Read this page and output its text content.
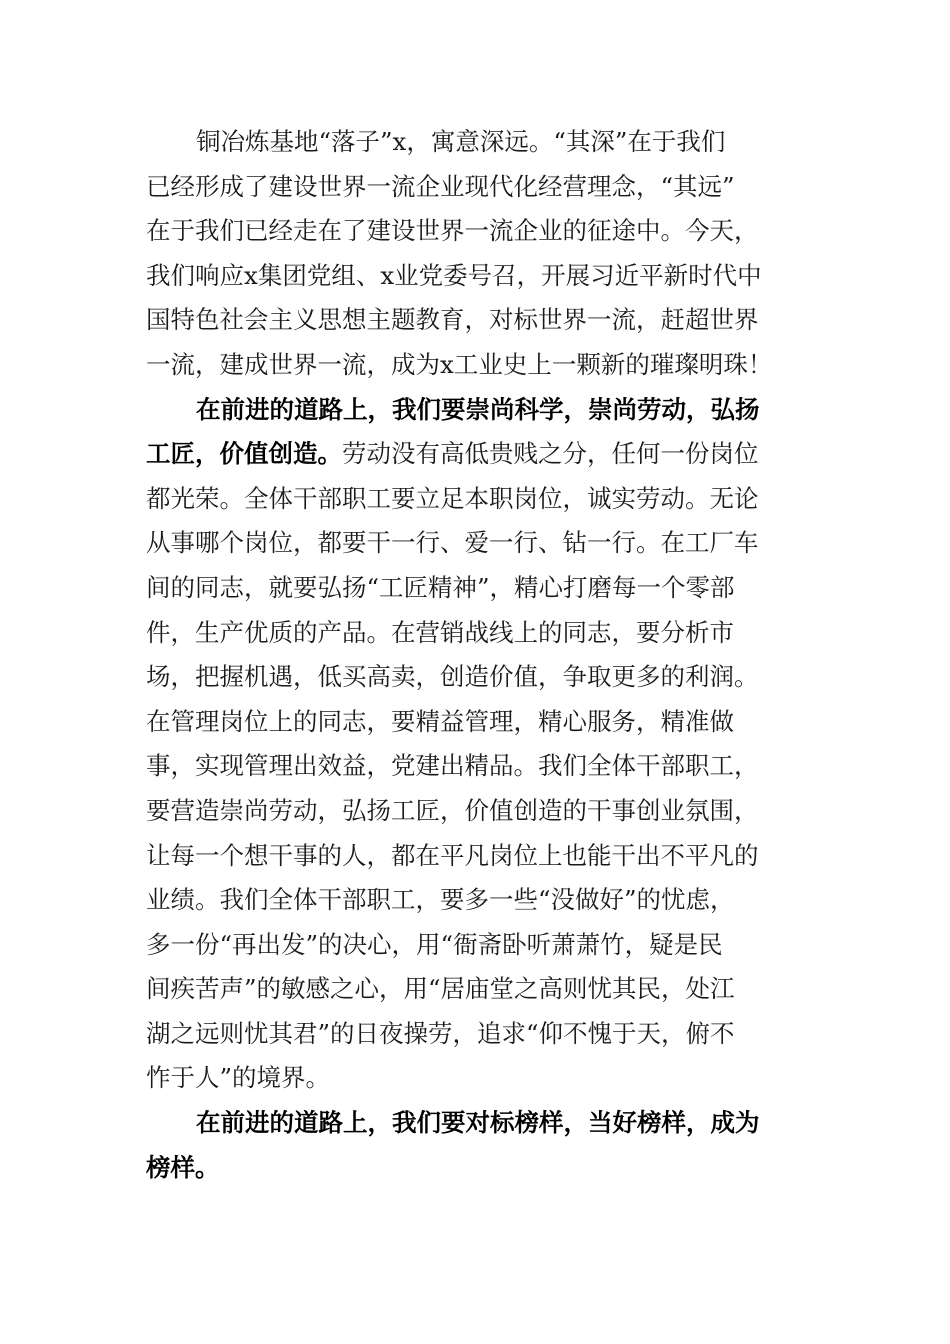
铜冶炼基地“落子”x，寓意深远。“其深”在于我们
已经形成了建设世界一流企业现代化经营理念，“其远”
在于我们已经走在了建设世界一流企业的征途中。今天，
我们响应x集团党组、x业党委号召，开展习近平新时代中
国特色社会主义思想主题教育，对标世界一流，赶超世界
一流，建成世界一流，成为x工业史上一颗新的璀璨明珠！
在前进的道路上，我们要崇尚科学，崇尚劳动，弘扬
工匠，价值创造。劳动没有高低贵贱之分，任何一份岗位
都光荣。全体干部职工要立足本职岗位，诚实劳动。无论
从事哪个岗位，都要干一行、爱一行、钻一行。在工厂车
间的同志，就要弘扬“工匠精神”，精心打磨每一个零部
件，生产优质的产品。在营销战线上的同志，要分析市
场，把握机遇，低买高卖，创造价值，争取更多的利润。
在管理岗位上的同志，要精益管理，精心服务，精准做
事，实现管理出效益，党建出精品。我们全体干部职工，
要营造崇尚劳动，弘扬工匠，价值创造的干事创业氛围，
让每一个想干事的人，都在平凡岗位上也能干出不平凡的
业绩。我们全体干部职工，要多一些“没做好”的忧虑，
多一份“再出发”的决心，用“衙斋卧听萧萧竹，疑是民
间疾苦声”的敏感之心，用“居庙堂之高则忧其民，处江
湖之远则忧其君”的日夜操劳，追求“仰不愧于天，俯不
怍于人”的境界。
在前进的道路上，我们要对标榜样，当好榜样，成为
榜样。
